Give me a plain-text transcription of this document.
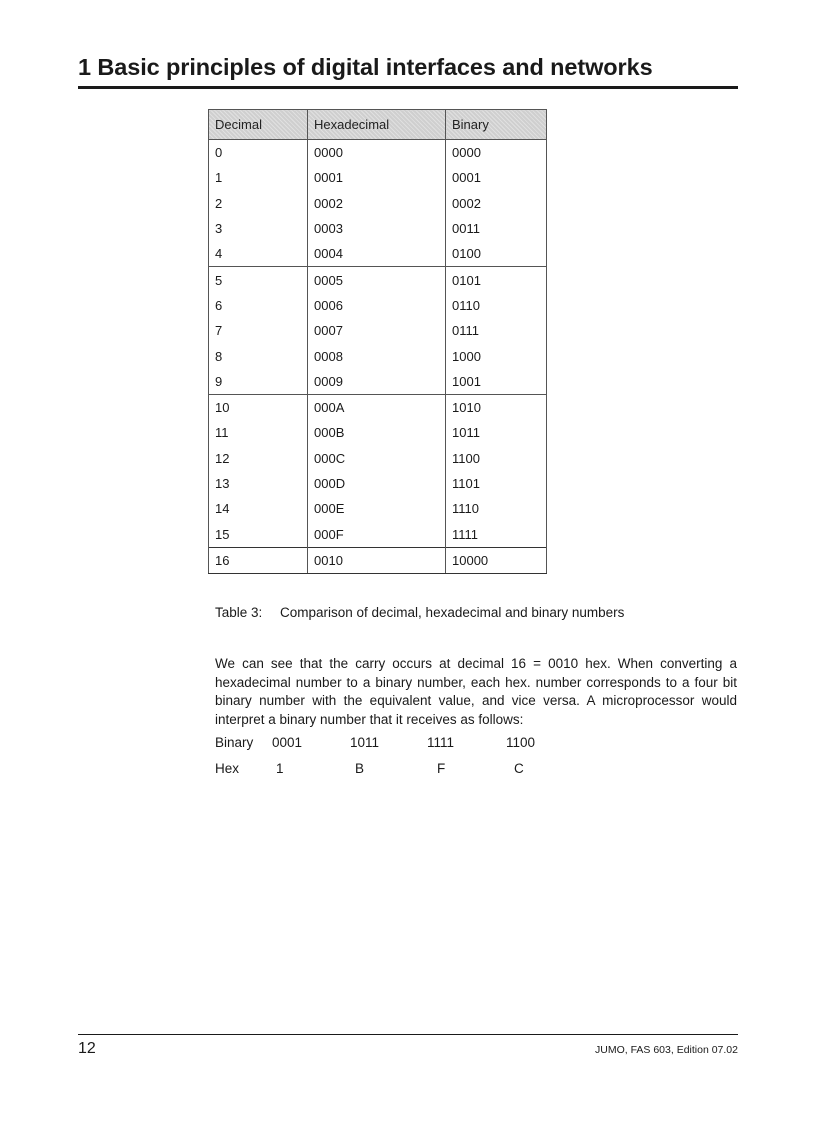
1 Basic principles of digital interfaces and networks
Decimal	Hexadecimal	Binary
0	0000	0000
1	0001	0001
2	0002	0002
3	0003	0011
4	0004	0100
5	0005	0101
6	0006	0110
7	0007	0111
8	0008	1000
9	0009	1001
10	000A	1010
11	000B	1011
12	000C	1100
13	000D	1101
14	000E	1110
15	000F	1111
16	0010	10000
Table 3: Comparison of decimal, hexadecimal and binary numbers

We can see that the carry occurs at decimal 16 = 0010 hex. When converting a hexadecimal number to a binary number, each hex. number corresponds to a four bit binary number with the equivalent value, and vice versa. A microprocessor would interpret a binary number that it receives as follows:

Binary 0001	1011	1111	1100
Hex	1	B	F	C
12	JUMO, FAS 603, Edition 07.02
